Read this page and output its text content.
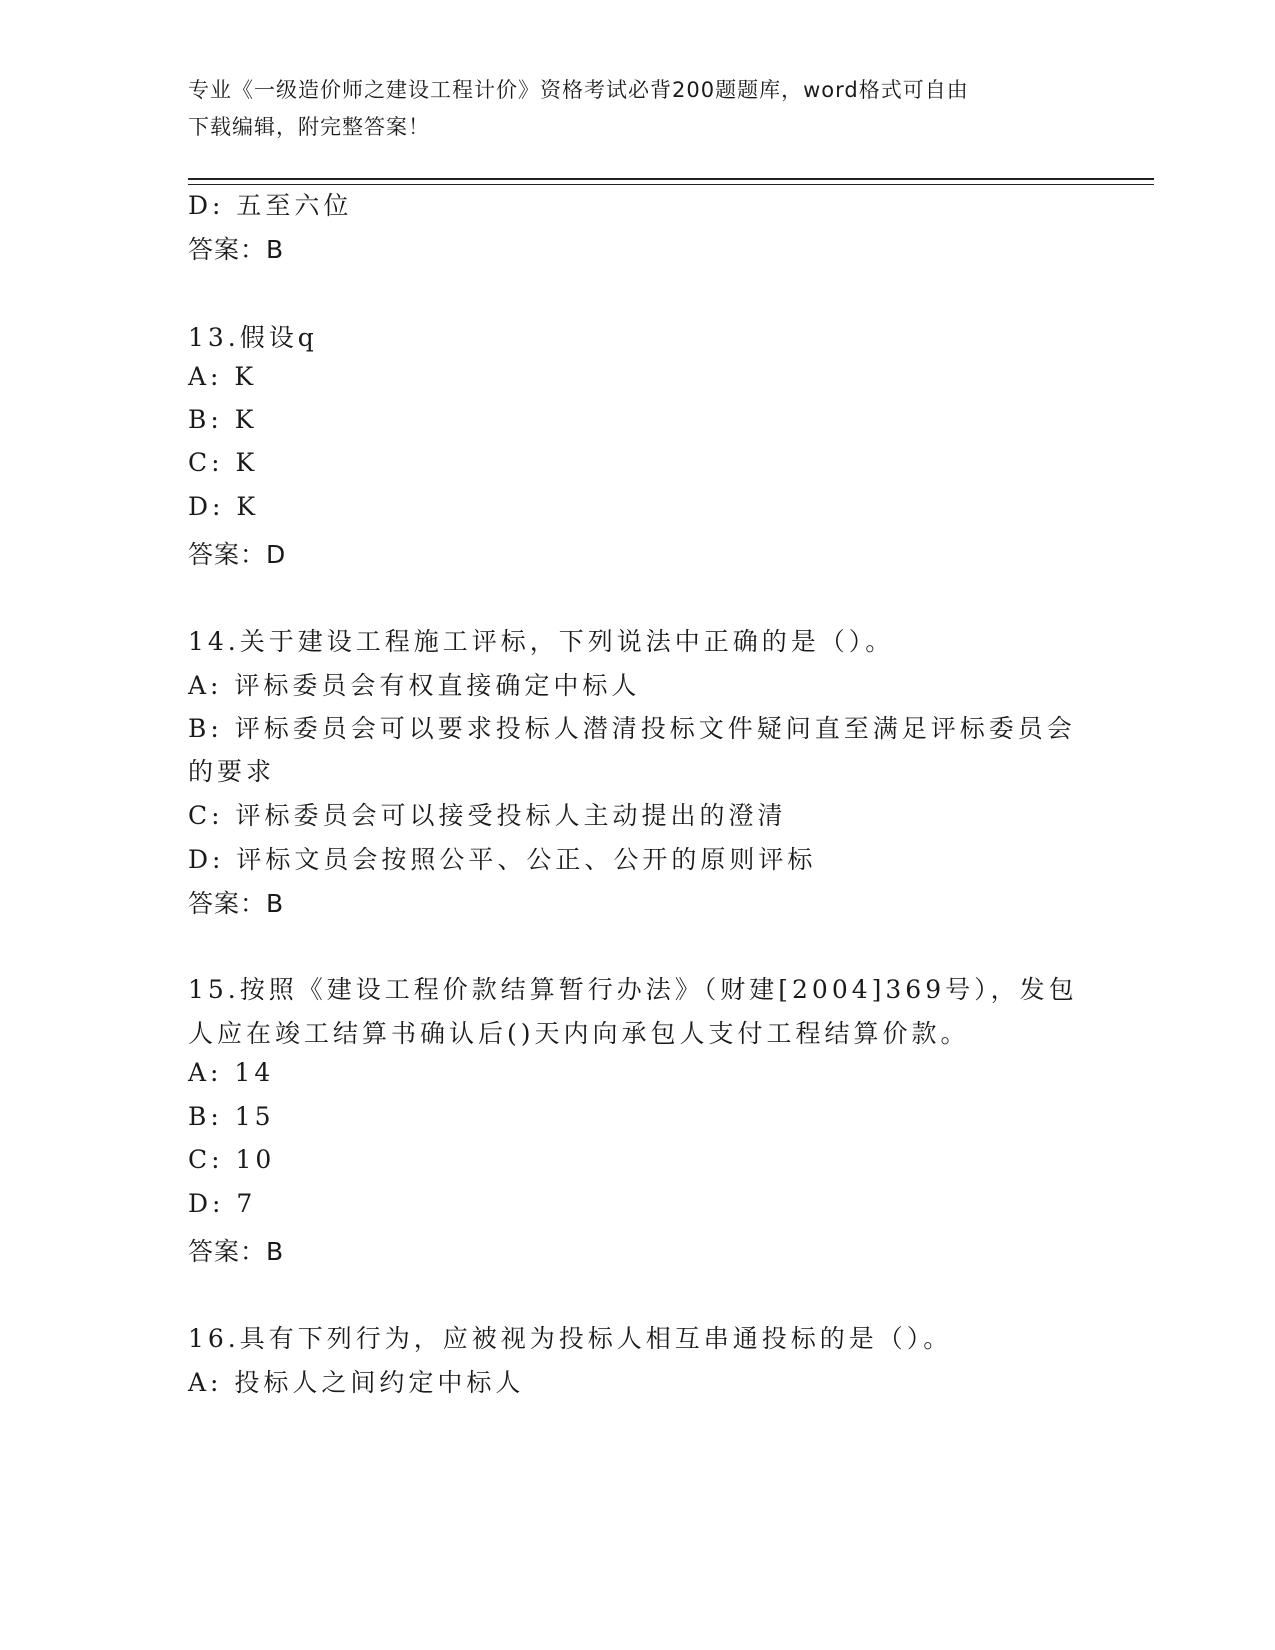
专业《一级造价师之建设工程计价》资格考试必背200题题库，word格式可自由
下载编辑，附完整答案！
D: 五至六位
答案：B
13.假设q
A: K
B: K
C: K
D: K
答案：D
14.关于建设工程施工评标，下列说法中正确的是（）。
A: 评标委员会有权直接确定中标人
B: 评标委员会可以要求投标人潜清投标文件疑问直至满足评标委员会
的要求
C: 评标委员会可以接受投标人主动提出的澄清
D: 评标文员会按照公平、公正、公开的原则评标
答案：B
15.按照《建设工程价款结算暂行办法》（财建[2004]369号），发包
人应在竣工结算书确认后()天内向承包人支付工程结算价款。
A: 14
B: 15
C: 10
D: 7
答案：B
16.具有下列行为，应被视为投标人相互串通投标的是（）。
A: 投标人之间约定中标人
